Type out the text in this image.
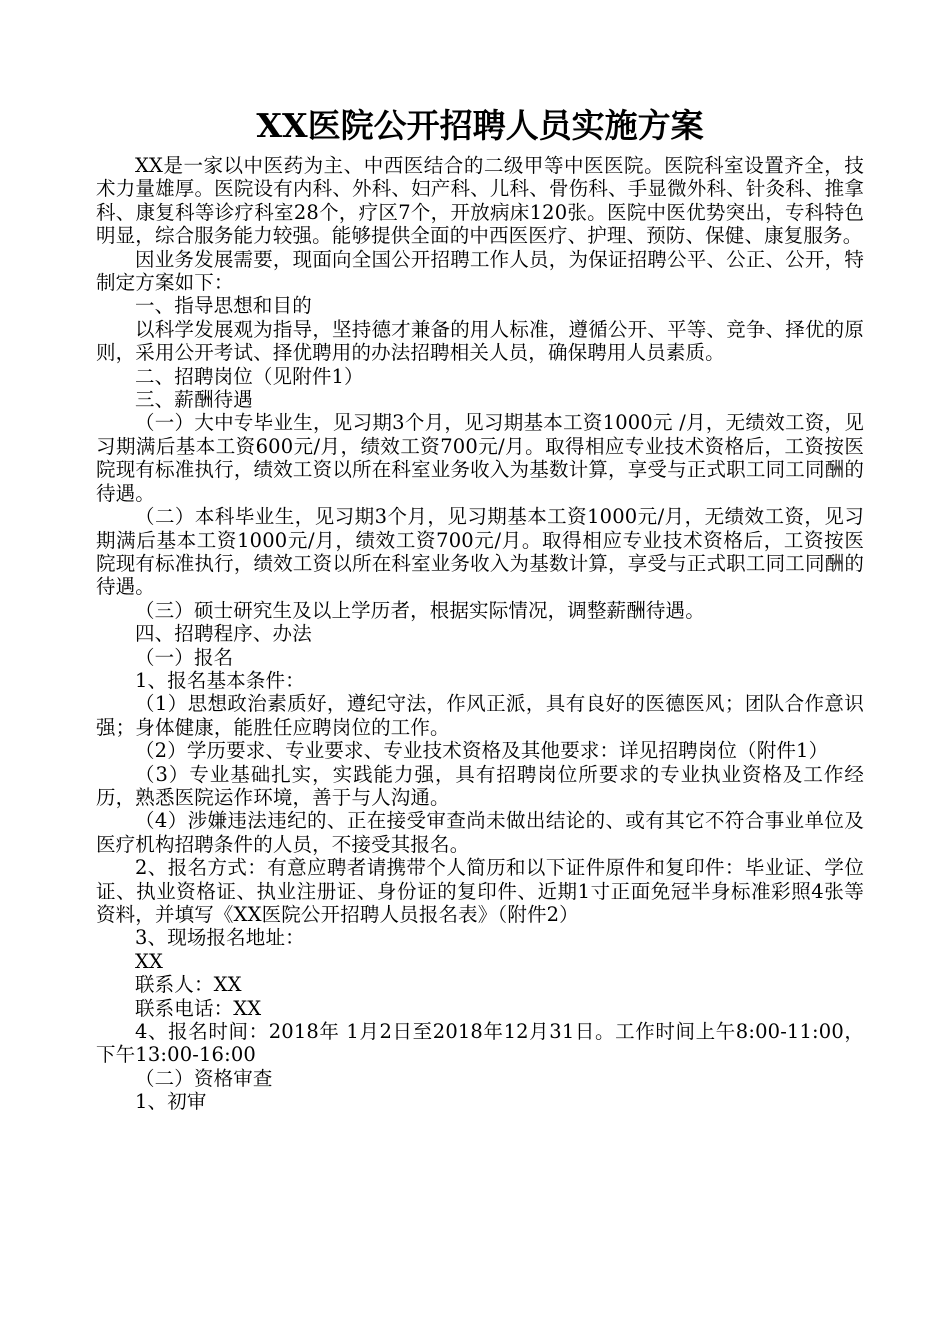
XX医院公开招聘人员实施方案

XX是一家以中医药为主、中西医结合的二级甲等中医医院。医院科室设置齐全，技术力量雄厚。医院设有内科、外科、妇产科、儿科、骨伤科、手显微外科、针灸科、推拿科、康复科等诊疗科室28个，疗区7个，开放病床120张。医院中医优势突出，专科特色明显，综合服务能力较强。能够提供全面的中西医医疗、护理、预防、保健、康复服务。

因业务发展需要，现面向全国公开招聘工作人员，为保证招聘公平、公正、公开，特制定方案如下：

一、指导思想和目的

以科学发展观为指导，坚持德才兼备的用人标准，遵循公开、平等、竞争、择优的原则，采用公开考试、择优聘用的办法招聘相关人员，确保聘用人员素质。

二、招聘岗位（见附件1）

三、薪酬待遇

（一）大中专毕业生，见习期3个月，见习期基本工资1000元 /月，无绩效工资，见习期满后基本工资600元/月，绩效工资700元/月。取得相应专业技术资格后，工资按医院现有标准执行，绩效工资以所在科室业务收入为基数计算，享受与正式职工同工同酬的待遇。

（二）本科毕业生，见习期3个月，见习期基本工资1000元/月，无绩效工资，见习期满后基本工资1000元/月，绩效工资700元/月。取得相应专业技术资格后，工资按医院现有标准执行，绩效工资以所在科室业务收入为基数计算，享受与正式职工同工同酬的待遇。

（三）硕士研究生及以上学历者，根据实际情况，调整薪酬待遇。

四、招聘程序、办法

（一）报名

1、报名基本条件：

（1）思想政治素质好，遵纪守法，作风正派，具有良好的医德医风；团队合作意识强；身体健康，能胜任应聘岗位的工作。

（2）学历要求、专业要求、专业技术资格及其他要求：详见招聘岗位（附件1）

（3）专业基础扎实，实践能力强，具有招聘岗位所要求的专业执业资格及工作经历，熟悉医院运作环境，善于与人沟通。

（4）涉嫌违法违纪的、正在接受审查尚未做出结论的、或有其它不符合事业单位及医疗机构招聘条件的人员，不接受其报名。

2、报名方式：有意应聘者请携带个人简历和以下证件原件和复印件：毕业证、学位证、执业资格证、执业注册证、身份证的复印件、近期1寸正面免冠半身标准彩照4张等资料，并填写《XX医院公开招聘人员报名表》（附件2）

3、现场报名地址：

XX

联系人：XX

联系电话：XX

4、报名时间：2018年 1月2日至2018年12月31日。工作时间上午8:00-11:00，下午13:00-16:00

（二）资格审查

1、初审
